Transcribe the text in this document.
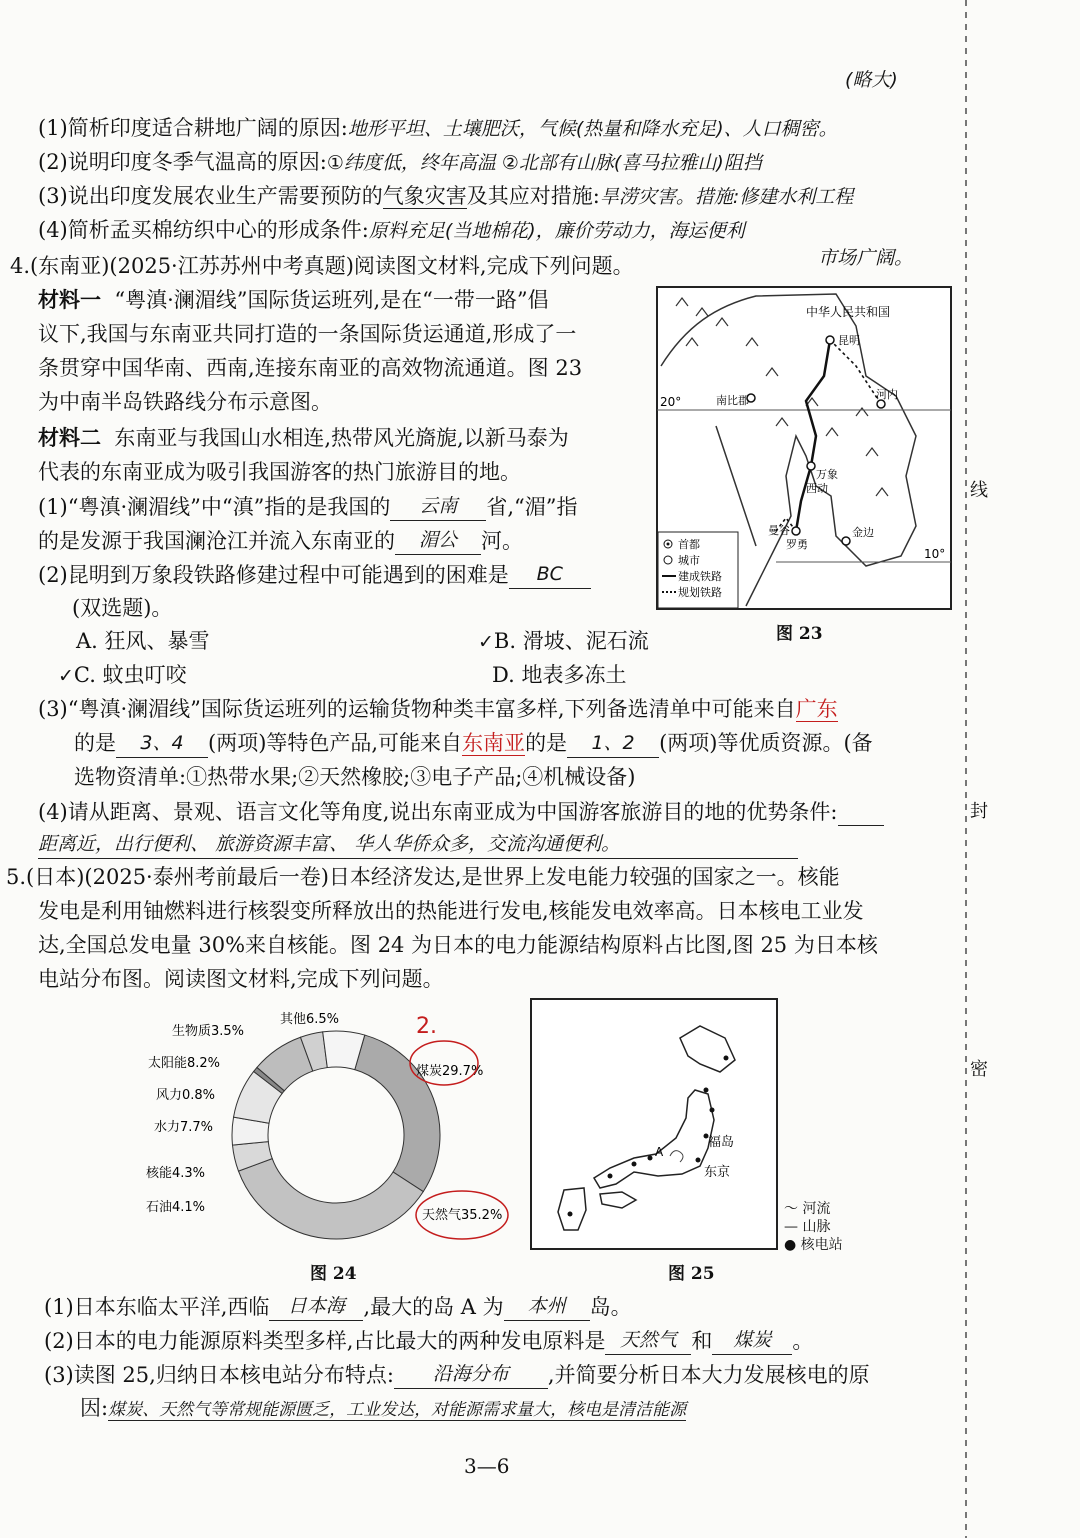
线
封
密
(略大)
(1)简析印度适合耕地广阔的原因:地形平坦、土壤肥沃，气候(热量和降水充足)、人口稠密。
(2)说明印度冬季气温高的原因:①纬度低，终年高温 ②北部有山脉(喜马拉雅山)阻挡
(3)说出印度发展农业生产需要预防的气象灾害及其应对措施:旱涝灾害。措施:修建水利工程
(4)简析孟买棉纺织中心的形成条件:原料充足(当地棉花)，廉价劳动力，海运便利
市场广阔。
4.(东南亚)(2025·江苏苏州中考真题)阅读图文材料,完成下列问题。
材料一 “粤滇·澜湄线”国际货运班列,是在“一带一路”倡
议下,我国与东南亚共同打造的一条国际货运通道,形成了一
条贯穿中国华南、西南,连接东南亚的高效物流通道。图 23
为中南半岛铁路线分布示意图。
材料二 东南亚与我国山水相连,热带风光旖旎,以新马泰为
代表的东南亚成为吸引我国游客的热门旅游目的地。
(1)“粤滇·澜湄线”中“滇”指的是我国的 云南 省,“湄”指
的是发源于我国澜沧江并流入东南亚的 湄公 河。
(2)昆明到万象段铁路修建过程中可能遇到的困难是 BC
(双选题)。
A. 狂风、暴雪	✓B. 滑坡、泥石流
✓C. 蚊虫叮咬	D. 地表多冻土
(3)“粤滇·澜湄线”国际货运班列的运输货物种类丰富多样,下列备选清单中可能来自广东
的是 3、4 (两项)等特色产品,可能来自东南亚的是 1、2 (两项)等优质资源。(备
选物资清单:①热带水果;②天然橡胶;③电子产品;④机械设备)
(4)请从距离、景观、语言文化等角度,说出东南亚成为中国游客旅游目的地的优势条件:
距离近，出行便利、 旅游资源丰富、 华人华侨众多，交流沟通便利。
中华人民共和国
昆明
河内
南比郡
万象
西动
曼谷	金边
罗勇
20°
10°
首都
城市
建成铁路
规划铁路
图 23
5.(日本)(2025·泰州考前最后一卷)日本经济发达,是世界上发电能力较强的国家之一。核能
发电是利用铀燃料进行核裂变所释放出的热能进行发电,核能发电效率高。日本核电工业发
达,全国总发电量 30%来自核能。图 24 为日本的电力能源结构原料占比图,图 25 为日本核
电站分布图。阅读图文材料,完成下列问题。
煤炭29.7%
天然气35.2%
石油4.1%
核能4.3%
水力7.7%
风力0.8%
太阳能8.2%
生物质3.5%
其他6.5%	2.
图 24
福岛
东京
A
〜 河流
— 山脉
● 核电站
图 25
(1)日本东临太平洋,西临 日本海 ,最大的岛 A 为 本州 岛。
(2)日本的电力能源原料类型多样,占比最大的两种发电原料是 天然气 和 煤炭 。
(3)读图 25,归纳日本核电站分布特点: 沿海分布 ,并简要分析日本大力发展核电的原
因:煤炭、天然气等常规能源匮乏，工业发达，对能源需求量大，核电是清洁能源
3—6
